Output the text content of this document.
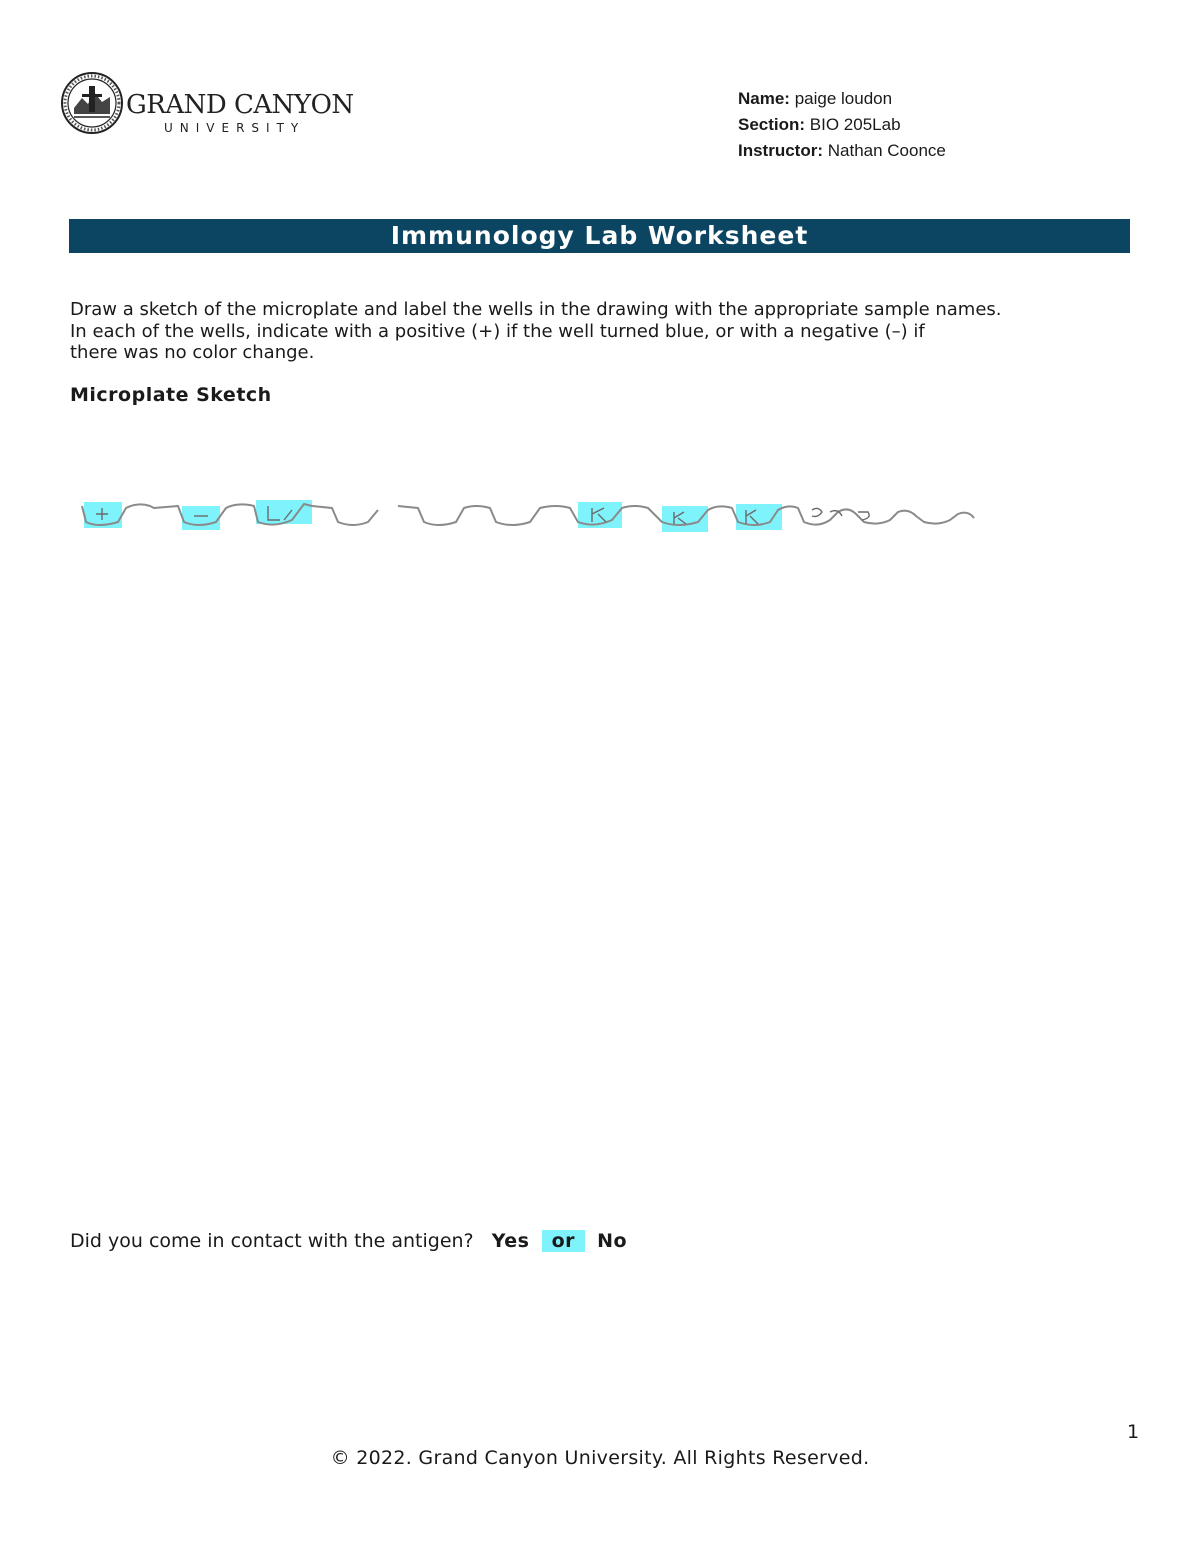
GRAND CANYON
UNIVERSITY
Name: paige loudon
Section: BIO 205Lab
Instructor: Nathan Coonce
Immunology Lab Worksheet

Draw a sketch of the microplate and label the wells in the drawing with the appropriate sample names.

In each of the wells, indicate with a positive (+) if the well turned blue, or with a negative (–) if

there was no color change.

Microplate Sketch
Did you come in contact with the antigen? Yes or No
1
© 2022. Grand Canyon University. All Rights Reserved.
